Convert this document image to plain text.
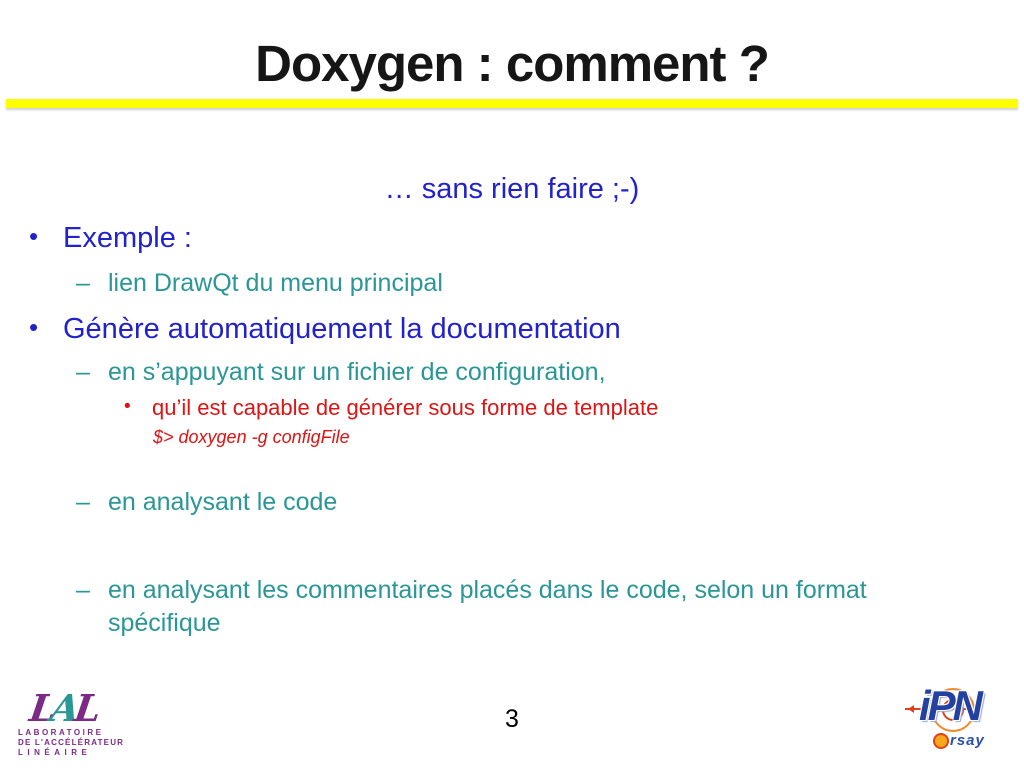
Doxygen : comment ?
… sans rien faire ;-)
• Exemple :
– lien DrawQt du menu principal
• Génère automatiquement la documentation
– en s’appuyant sur un fichier de configuration,
• qu’il est capable de générer sous forme de template
$> doxygen -g configFile
– en analysant le code
– en analysant les commentaires placés dans le code, selon un format spécifique
3
LAL
LABORATOIRE
DE L'ACCÉLÉRATEUR
LINÉAIRE
iPN
rsay
